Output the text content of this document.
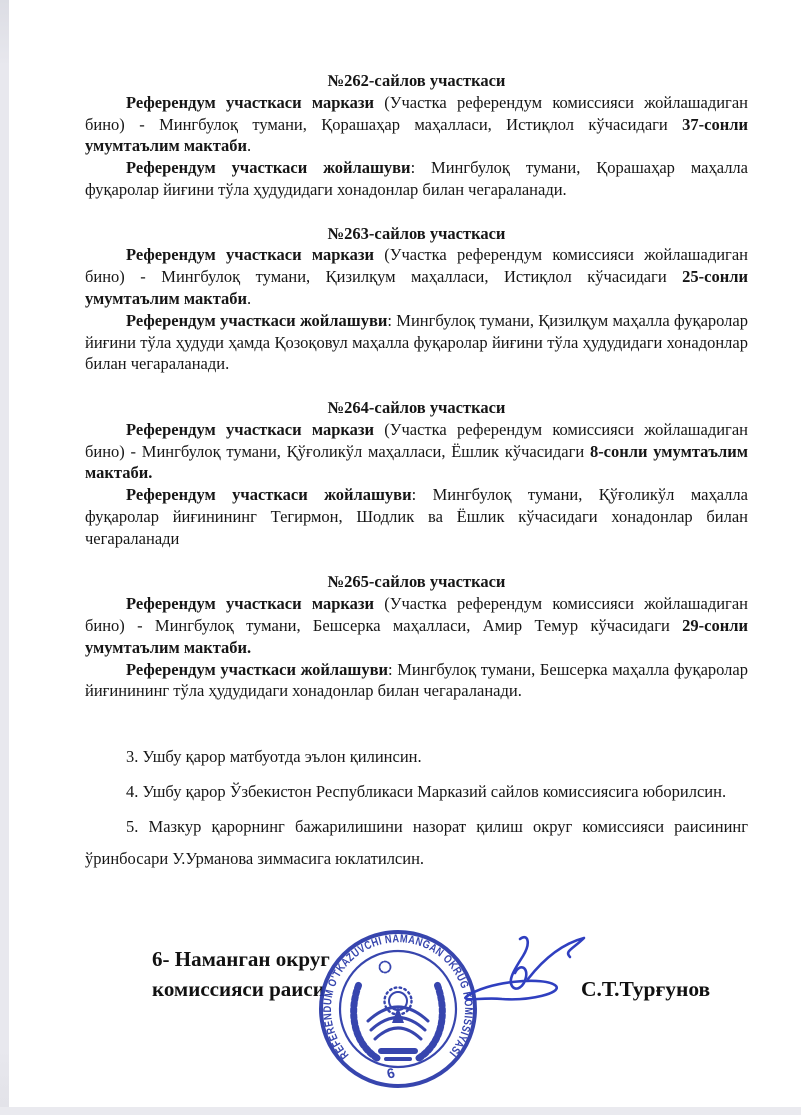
№262-сайлов участкаси

Референдум участкаси маркази (Участка референдум комиссияси жойлашадиган бино) - Мингбулоқ тумани, Қорашаҳар маҳалласи, Истиқлол кўчасидаги 37-сонли умумтаълим мактаби.

Референдум участкаси жойлашуви: Мингбулоқ тумани, Қорашаҳар маҳалла фуқаролар йиғини тўла ҳудудидаги хонадонлар билан чегараланади.

№263-сайлов участкаси

Референдум участкаси маркази (Участка референдум комиссияси жойлашадиган бино) - Мингбулоқ тумани, Қизилқум маҳалласи, Истиқлол кўчасидаги 25-сонли умумтаълим мактаби.

Референдум участкаси жойлашуви: Мингбулоқ тумани, Қизилқум маҳалла фуқаролар йиғини тўла ҳудуди ҳамда Қозоқовул маҳалла фуқаролар йиғини тўла ҳудудидаги хонадонлар билан чегараланади.

№264-сайлов участкаси

Референдум участкаси маркази (Участка референдум комиссияси жойлашадиган бино) - Мингбулоқ тумани, Қўғоликўл маҳалласи, Ёшлик кўчасидаги 8-сонли умумтаълим мактаби.

Референдум участкаси жойлашуви: Мингбулоқ тумани, Қўғоликўл маҳалла фуқаролар йиғинининг Тегирмон, Шодлик ва Ёшлик кўчасидаги хонадонлар билан чегараланади

№265-сайлов участкаси

Референдум участкаси маркази (Участка референдум комиссияси жойлашадиган бино) - Мингбулоқ тумани, Бешсерка маҳалласи, Амир Темур кўчасидаги 29-сонли умумтаълим мактаби.

Референдум участкаси жойлашуви: Мингбулоқ тумани, Бешсерка маҳалла фуқаролар йиғинининг тўла ҳудудидаги хонадонлар билан чегараланади.

3. Ушбу қарор матбуотда эълон қилинсин.

4. Ушбу қарор Ўзбекистон Республикаси Марказий сайлов комиссиясига юборилсин.

5. Мазкур қарорнинг бажарилишини назорат қилиш округ комиссияси раисининг ўринбосари У.Урманова зиммасига юклатилсин.

6- Наманган округ
комиссияси раиси
REFERENDUM O'TKAZUVCHI NAMANGAN OKRUG KOMISSIYASI
6
С.Т.Турғунов
